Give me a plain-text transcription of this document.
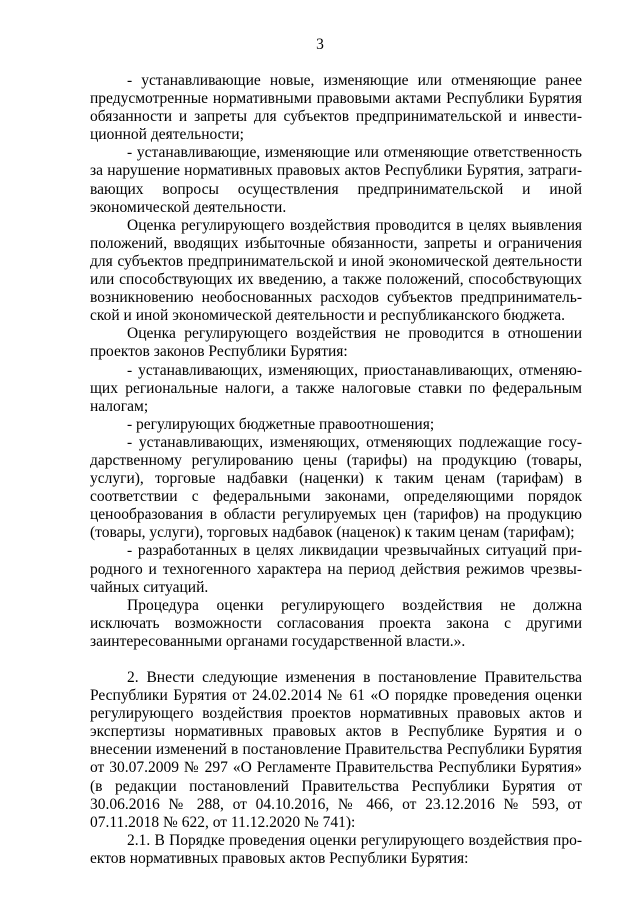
3

- устанавливающие новые, изменяющие или отменяющие ранее предусмотренные нормативными правовыми актами Республики Бурятия обязанности и запреты для субъектов предпринимательской и инвестиционной деятельности;

- устанавливающие, изменяющие или отменяющие ответственность за нарушение нормативных правовых актов Республики Бурятия, затрагивающих вопросы осуществления предпринимательской и иной экономической деятельности.

Оценка регулирующего воздействия проводится в целях выявления положений, вводящих избыточные обязанности, запреты и ограничения для субъектов предпринимательской и иной экономической деятельности или способствующих их введению, а также положений, способствующих возникновению необоснованных расходов субъектов предпринимательской и иной экономической деятельности и республиканского бюджета.

Оценка регулирующего воздействия не проводится в отношении проектов законов Республики Бурятия:

- устанавливающих, изменяющих, приостанавливающих, отменяющих региональные налоги, а также налоговые ставки по федеральным налогам;

- регулирующих бюджетные правоотношения;

- устанавливающих, изменяющих, отменяющих подлежащие государственному регулированию цены (тарифы) на продукцию (товары, услуги), торговые надбавки (наценки) к таким ценам (тарифам) в соответствии с федеральными законами, определяющими порядок ценообразования в области регулируемых цен (тарифов) на продукцию (товары, услуги), торговых надбавок (наценок) к таким ценам (тарифам);

- разработанных в целях ликвидации чрезвычайных ситуаций природного и техногенного характера на период действия режимов чрезвычайных ситуаций.

Процедура оценки регулирующего воздействия не должна исключать возможности согласования проекта закона с другими заинтересованными органами государственной власти.».

2. Внести следующие изменения в постановление Правительства Республики Бурятия от 24.02.2014 № 61 «О порядке проведения оценки регулирующего воздействия проектов нормативных правовых актов и экспертизы нормативных правовых актов в Республике Бурятия и о внесении изменений в постановление Правительства Республики Бурятия от 30.07.2009 № 297 «О Регламенте Правительства Республики Бурятия» (в редакции постановлений Правительства Республики Бурятия от 30.06.2016 № 288, от 04.10.2016, № 466, от 23.12.2016 № 593, от 07.11.2018 № 622, от 11.12.2020 № 741):

2.1. В Порядке проведения оценки регулирующего воздействия проектов нормативных правовых актов Республики Бурятия:
